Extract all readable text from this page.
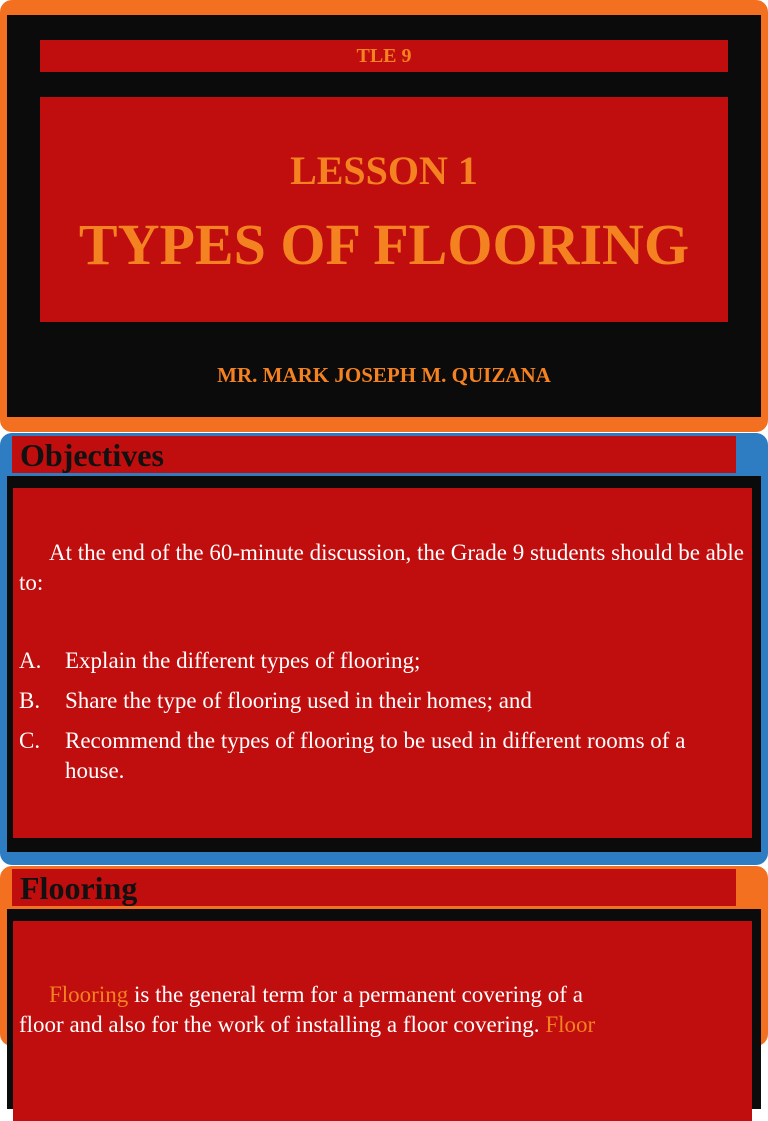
TLE 9
LESSON 1
TYPES OF FLOORING
MR. MARK JOSEPH M. QUIZANA
Objectives

At the end of the 60-minute discussion, the Grade 9 students should be able to:

A.	Explain the different types of flooring;
B.	Share the type of flooring used in their homes; and
C.	Recommend the types of flooring to be used in different rooms of a house.
Flooring

Flooring is the general term for a permanent covering of a
floor and also for the work of installing a floor covering. Floor
